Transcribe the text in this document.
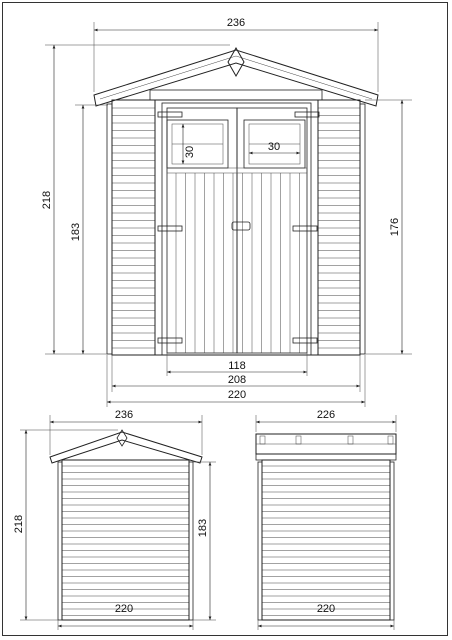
236
218
183	176
30	30
118
208
220
236
218	183
220
226
220
